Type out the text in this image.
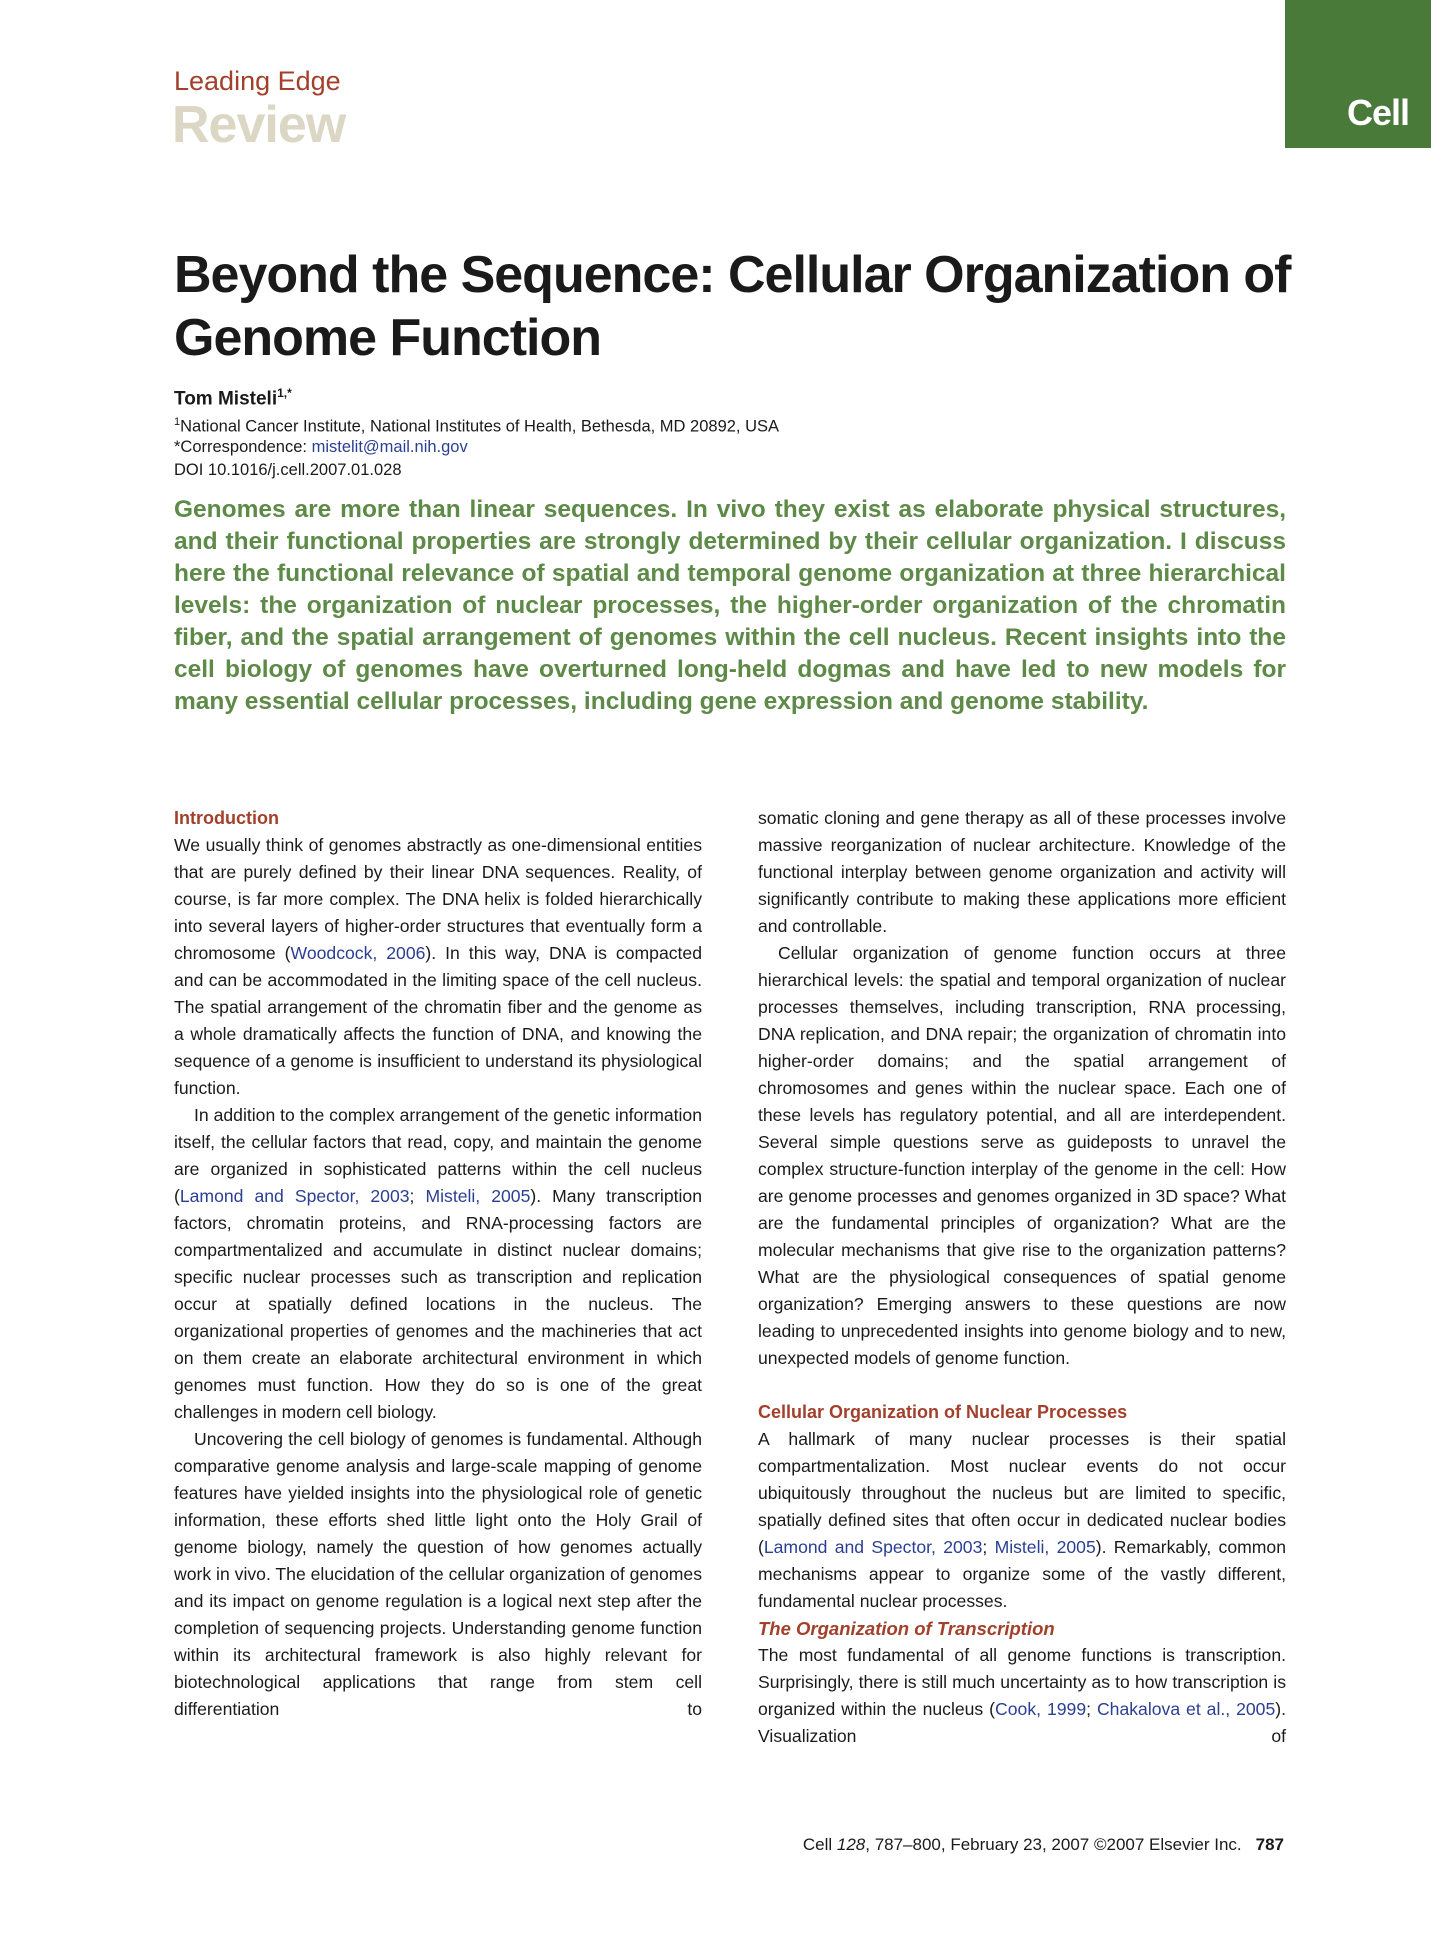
Leading Edge
Review	Cell
Beyond the Sequence: Cellular Organization of Genome Function
Tom Misteli$^{1,*}$
$^1$National Cancer Institute, National Institutes of Health, Bethesda, MD 20892, USA
*Correspondence: mistelit@mail.nih.gov
DOI 10.1016/j.cell.2007.01.028
Genomes are more than linear sequences. In vivo they exist as elaborate physical structures, and their functional properties are strongly determined by their cellular organization. I discuss here the functional relevance of spatial and temporal genome organization at three hierarchical levels: the organization of nuclear processes, the higher-order organization of the chromatin fiber, and the spatial arrangement of genomes within the cell nucleus. Recent insights into the cell biology of genomes have overturned long-held dogmas and have led to new models for many essential cellular processes, including gene expression and genome stability.
Introduction

We usually think of genomes abstractly as one-dimensional entities that are purely defined by their linear DNA sequences. Reality, of course, is far more complex. The DNA helix is folded hierarchically into several layers of higher-order structures that eventually form a chromosome (Woodcock, 2006). In this way, DNA is compacted and can be accommodated in the limiting space of the cell nucleus. The spatial arrangement of the chromatin fiber and the genome as a whole dramatically affects the function of DNA, and knowing the sequence of a genome is insufficient to understand its physiological function.

In addition to the complex arrangement of the genetic information itself, the cellular factors that read, copy, and maintain the genome are organized in sophisticated patterns within the cell nucleus (Lamond and Spector, 2003; Misteli, 2005). Many transcription factors, chromatin proteins, and RNA-processing factors are compartmentalized and accumulate in distinct nuclear domains; specific nuclear processes such as transcription and replication occur at spatially defined locations in the nucleus. The organizational properties of genomes and the machineries that act on them create an elaborate architectural environment in which genomes must function. How they do so is one of the great challenges in modern cell biology.

Uncovering the cell biology of genomes is fundamental. Although comparative genome analysis and large-scale mapping of genome features have yielded insights into the physiological role of genetic information, these efforts shed little light onto the Holy Grail of genome biology, namely the question of how genomes actually work in vivo. The elucidation of the cellular organization of genomes and its impact on genome regulation is a logical next step after the completion of sequencing projects. Understanding genome function within its architectural framework is also highly relevant for biotechnological applications that range from stem cell differentiation to

somatic cloning and gene therapy as all of these processes involve massive reorganization of nuclear architecture. Knowledge of the functional interplay between genome organization and activity will significantly contribute to making these applications more efficient and controllable.

Cellular organization of genome function occurs at three hierarchical levels: the spatial and temporal organization of nuclear processes themselves, including transcription, RNA processing, DNA replication, and DNA repair; the organization of chromatin into higher-order domains; and the spatial arrangement of chromosomes and genes within the nuclear space. Each one of these levels has regulatory potential, and all are interdependent. Several simple questions serve as guideposts to unravel the complex structure-function interplay of the genome in the cell: How are genome processes and genomes organized in 3D space? What are the fundamental principles of organization? What are the molecular mechanisms that give rise to the organization patterns? What are the physiological consequences of spatial genome organization? Emerging answers to these questions are now leading to unprecedented insights into genome biology and to new, unexpected models of genome function.

Cellular Organization of Nuclear Processes

A hallmark of many nuclear processes is their spatial compartmentalization. Most nuclear events do not occur ubiquitously throughout the nucleus but are limited to specific, spatially defined sites that often occur in dedicated nuclear bodies (Lamond and Spector, 2003; Misteli, 2005). Remarkably, common mechanisms appear to organize some of the vastly different, fundamental nuclear processes.

The Organization of Transcription

The most fundamental of all genome functions is transcription. Surprisingly, there is still much uncertainty as to how transcription is organized within the nucleus (Cook, 1999; Chakalova et al., 2005). Visualization of

Cell 128, 787–800, February 23, 2007 ©2007 Elsevier Inc. 787
